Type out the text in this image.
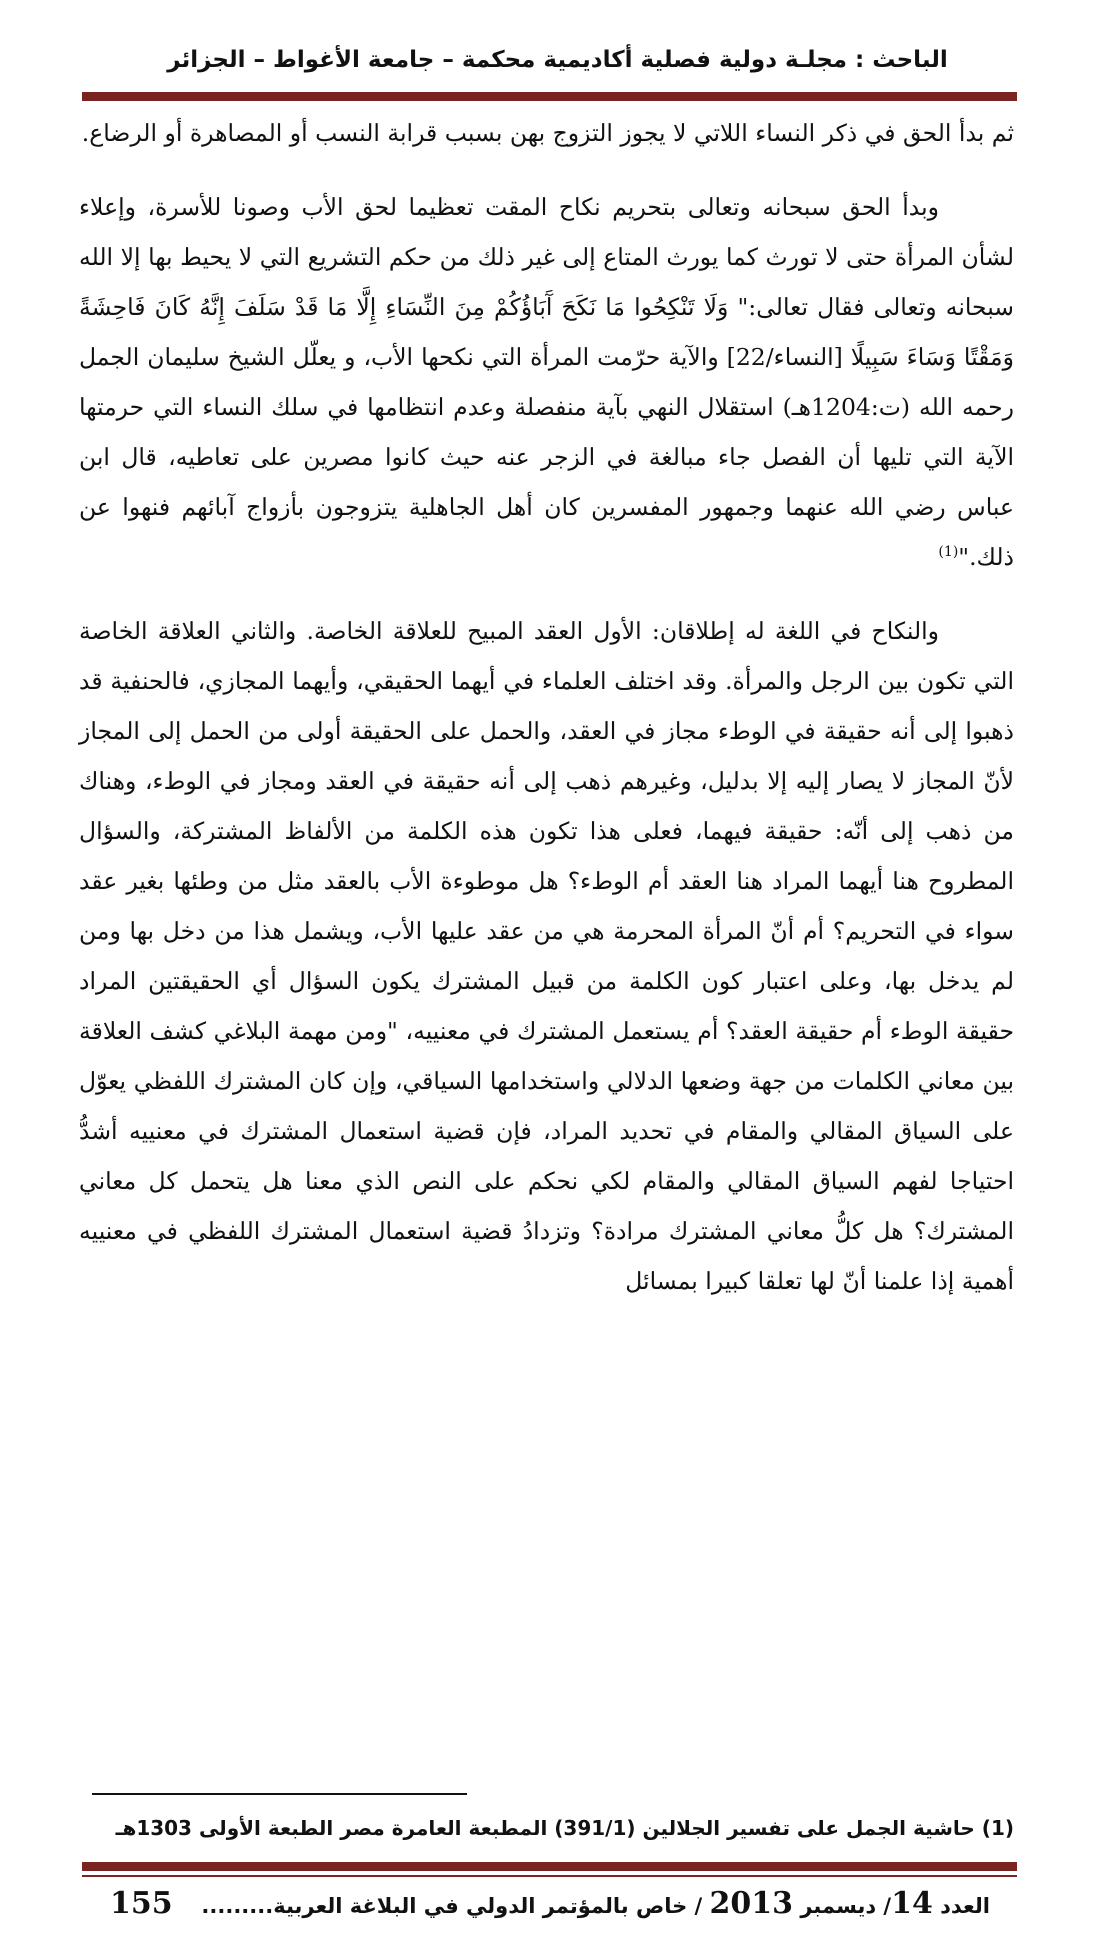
الباحث : مجلـة دولية فصلية أكاديمية محكمة – جامعة الأغواط – الجزائر

ثم بدأ الحق في ذكر النساء اللاتي لا يجوز التزوج بهن بسبب قرابة النسب أو المصاهرة أو الرضاع.

وبدأ الحق سبحانه وتعالى بتحريم نكاح المقت تعظيما لحق الأب وصونا للأسرة، وإعلاء لشأن المرأة حتى لا تورث كما يورث المتاع إلى غير ذلك من حكم التشريع التي لا يحيط بها إلا الله سبحانه وتعالى فقال تعالى:" وَلَا تَنْكِحُوا مَا نَكَحَ آَبَاؤُكُمْ مِنَ النِّسَاءِ إِلَّا مَا قَدْ سَلَفَ إِنَّهُ كَانَ فَاحِشَةً وَمَقْتًا وَسَاءَ سَبِيلًا [النساء/22] والآية حرّمت المرأة التي نكحها الأب، و يعلّل الشيخ سليمان الجمل رحمه الله (ت:1204هـ) استقلال النهي بآية منفصلة وعدم انتظامها في سلك النساء التي حرمتها الآية التي تليها أن الفصل جاء مبالغة في الزجر عنه حيث كانوا مصرين على تعاطيه، قال ابن عباس رضي الله عنهما وجمهور المفسرين كان أهل الجاهلية يتزوجون بأزواج آبائهم فنهوا عن ذلك."$^{(1)}$

والنكاح في اللغة له إطلاقان: الأول العقد المبيح للعلاقة الخاصة. والثاني العلاقة الخاصة التي تكون بين الرجل والمرأة. وقد اختلف العلماء في أيهما الحقيقي، وأيهما المجازي، فالحنفية قد ذهبوا إلى أنه حقيقة في الوطء مجاز في العقد، والحمل على الحقيقة أولى من الحمل إلى المجاز لأنّ المجاز لا يصار إليه إلا بدليل، وغيرهم ذهب إلى أنه حقيقة في العقد ومجاز في الوطء، وهناك من ذهب إلى أنّه: حقيقة فيهما، فعلى هذا تكون هذه الكلمة من الألفاظ المشتركة، والسؤال المطروح هنا أيهما المراد هنا العقد أم الوطء؟ هل موطوءة الأب بالعقد مثل من وطئها بغير عقد سواء في التحريم؟ أم أنّ المرأة المحرمة هي من عقد عليها الأب، ويشمل هذا من دخل بها ومن لم يدخل بها، وعلى اعتبار كون الكلمة من قبيل المشترك يكون السؤال أي الحقيقتين المراد حقيقة الوطء أم حقيقة العقد؟ أم يستعمل المشترك في معنييه، "ومن مهمة البلاغي كشف العلاقة بين معاني الكلمات من جهة وضعها الدلالي واستخدامها السياقي، وإن كان المشترك اللفظي يعوّل على السياق المقالي والمقام في تحديد المراد، فإن قضية استعمال المشترك في معنييه أشدُّ احتياجا لفهم السياق المقالي والمقام لكي نحكم على النص الذي معنا هل يتحمل كل معاني المشترك؟ هل كلُّ معاني المشترك مرادة؟ وتزدادُ قضية استعمال المشترك اللفظي في معنييه أهمية إذا علمنا أنّ لها تعلقا كبيرا بمسائل

(1) حاشية الجمل على تفسير الجلالين (391/1) المطبعة العامرة مصر الطبعة الأولى 1303هـ
العدد 14/ ديسمبر 2013 / خاص بالمؤتمر الدولي في البلاغة العربية.........
155
